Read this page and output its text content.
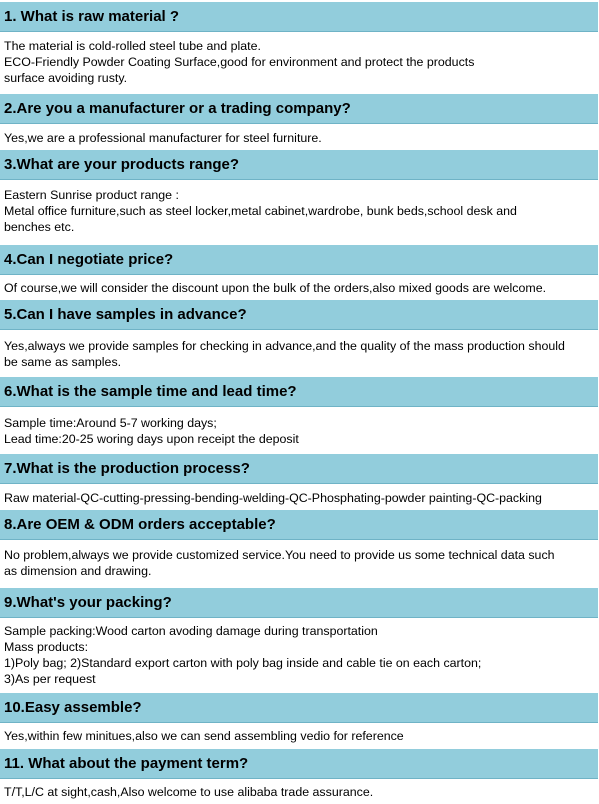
1. What is raw material ?
The material is cold-rolled steel tube and plate.
ECO-Friendly Powder Coating Surface,good for environment and protect the products
surface avoiding rusty.
2.Are you a manufacturer or a trading company?
Yes,we are a professional manufacturer for steel furniture.
3.What are your products range?
Eastern Sunrise product range :
Metal office furniture,such as steel locker,metal cabinet,wardrobe, bunk beds,school desk and
benches etc.
4.Can I negotiate price?
Of course,we will consider the discount upon the bulk of the orders,also mixed goods are welcome.
5.Can I have samples in advance?
Yes,always we provide samples for checking in advance,and the quality of the mass production should
be same as samples.
6.What is the sample time and lead time?
Sample time:Around 5-7 working days;
Lead time:20-25 woring days upon receipt the deposit
7.What is the production process?
Raw material-QC-cutting-pressing-bending-welding-QC-Phosphating-powder painting-QC-packing
8.Are OEM & ODM orders acceptable?
No problem,always we provide customized service.You need to provide us some technical data such
as dimension and drawing.
9.What's your packing?
Sample packing:Wood carton avoding damage during transportation
Mass products:
1)Poly bag; 2)Standard export carton with poly bag inside and cable tie on each carton;
3)As per request
10.Easy assemble?
Yes,within few minitues,also we can send assembling vedio for reference
11. What about the payment term?
T/T,L/C at sight,cash,Also welcome to use alibaba trade assurance.
